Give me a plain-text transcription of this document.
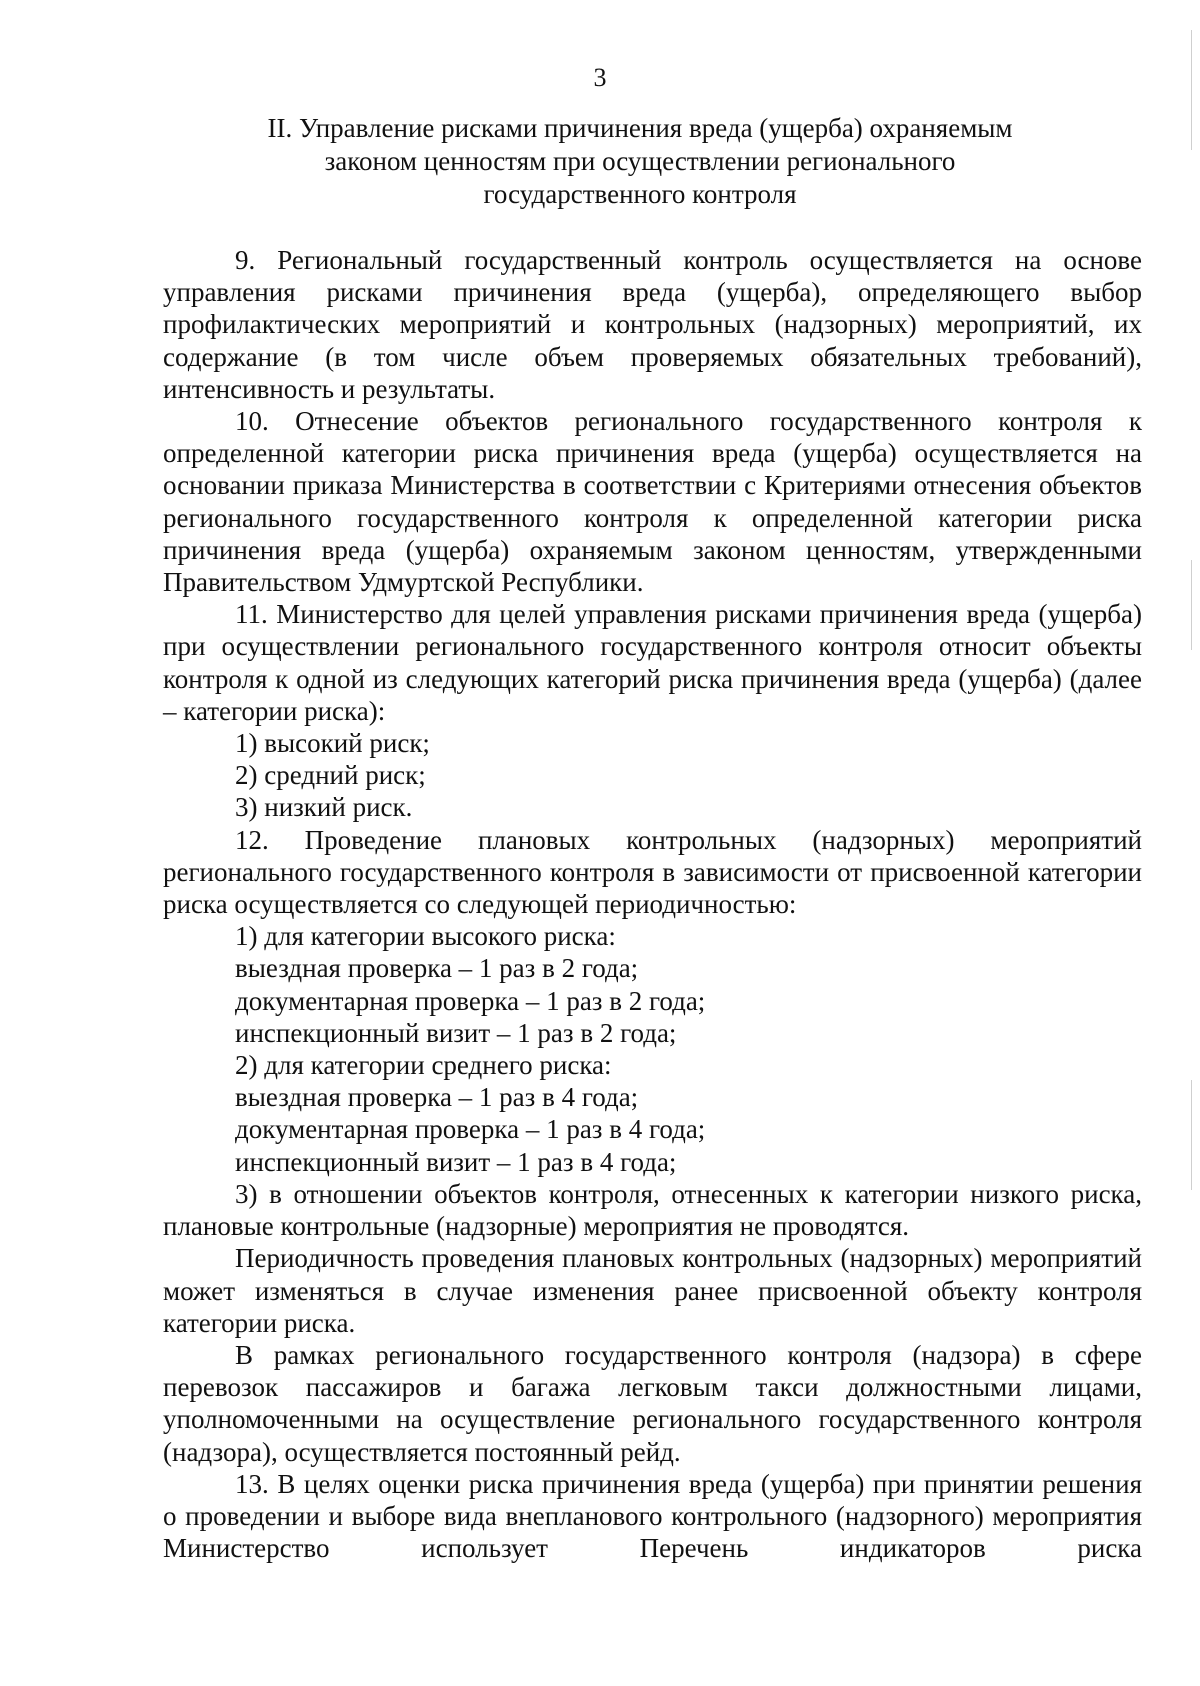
3
II. Управление рисками причинения вреда (ущерба) охраняемым
законом ценностям при осуществлении регионального
государственного контроля

9. Региональный государственный контроль осуществляется на основе управления рисками причинения вреда (ущерба), определяющего выбор профилактических мероприятий и контрольных (надзорных) мероприятий, их содержание (в том числе объем проверяемых обязательных требований), интенсивность и результаты.

10. Отнесение объектов регионального государственного контроля к определенной категории риска причинения вреда (ущерба) осуществляется на основании приказа Министерства в соответствии с Критериями отнесения объектов регионального государственного контроля к определенной категории риска причинения вреда (ущерба) охраняемым законом ценностям, утвержденными Правительством Удмуртской Республики.

11. Министерство для целей управления рисками причинения вреда (ущерба) при осуществлении регионального государственного контроля относит объекты контроля к одной из следующих категорий риска причинения вреда (ущерба) (далее – категории риска):

1) высокий риск;

2) средний риск;

3) низкий риск.

12. Проведение плановых контрольных (надзорных) мероприятий регионального государственного контроля в зависимости от присвоенной категории риска осуществляется со следующей периодичностью:

1) для категории высокого риска:

выездная проверка – 1 раз в 2 года;

документарная проверка – 1 раз в 2 года;

инспекционный визит – 1 раз в 2 года;

2) для категории среднего риска:

выездная проверка – 1 раз в 4 года;

документарная проверка – 1 раз в 4 года;

инспекционный визит – 1 раз в 4 года;

3) в отношении объектов контроля, отнесенных к категории низкого риска, плановые контрольные (надзорные) мероприятия не проводятся.

Периодичность проведения плановых контрольных (надзорных) мероприятий может изменяться в случае изменения ранее присвоенной объекту контроля категории риска.

В рамках регионального государственного контроля (надзора) в сфере перевозок пассажиров и багажа легковым такси должностными лицами, уполномоченными на осуществление регионального государственного контроля (надзора), осуществляется постоянный рейд.

13. В целях оценки риска причинения вреда (ущерба) при принятии решения о проведении и выборе вида внепланового контрольного (надзорного) мероприятия Министерство использует Перечень индикаторов риска
